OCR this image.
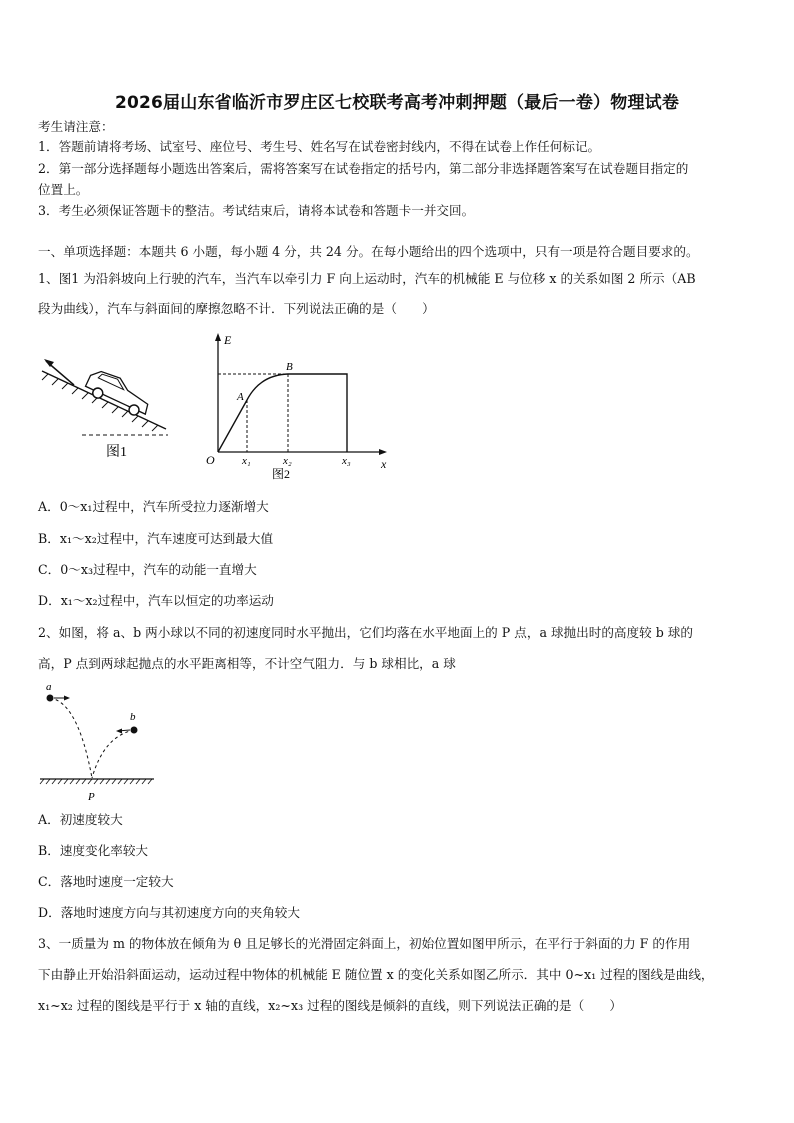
2026届山东省临沂市罗庄区七校联考高考冲刺押题（最后一卷）物理试卷
考生请注意：
1．答题前请将考场、试室号、座位号、考生号、姓名写在试卷密封线内，不得在试卷上作任何标记。
2．第一部分选择题每小题选出答案后，需将答案写在试卷指定的括号内，第二部分非选择题答案写在试卷题目指定的
位置上。
3．考生必须保证答题卡的整洁。考试结束后，请将本试卷和答题卡一并交回。
一、单项选择题：本题共 6 小题，每小题 4 分，共 24 分。在每小题给出的四个选项中，只有一项是符合题目要求的。
1、图1 为沿斜坡向上行驶的汽车，当汽车以牵引力 F 向上运动时，汽车的机械能 E 与位移 x 的关系如图 2 所示（AB
段为曲线），汽车与斜面间的摩擦忽略不计．下列说法正确的是（　　）
图1
E
x
O
A
B
x₁	x₂	x₃
图2
A．0～x₁过程中，汽车所受拉力逐渐增大
B．x₁～x₂过程中，汽车速度可达到最大值
C．0～x₃过程中，汽车的动能一直增大
D．x₁～x₂过程中，汽车以恒定的功率运动
2、如图，将 a、b 两小球以不同的初速度同时水平抛出，它们均落在水平地面上的 P 点，a 球抛出时的高度较 b 球的
高，P 点到两球起抛点的水平距离相等，不计空气阻力．与 b 球相比，a 球
a
b
P
A．初速度较大
B．速度变化率较大
C．落地时速度一定较大
D．落地时速度方向与其初速度方向的夹角较大
3、一质量为 m 的物体放在倾角为 θ 且足够长的光滑固定斜面上，初始位置如图甲所示，在平行于斜面的力 F 的作用
下由静止开始沿斜面运动，运动过程中物体的机械能 E 随位置 x 的变化关系如图乙所示．其中 0~x₁ 过程的图线是曲线，
x₁~x₂ 过程的图线是平行于 x 轴的直线，x₂~x₃ 过程的图线是倾斜的直线，则下列说法正确的是（　　）
